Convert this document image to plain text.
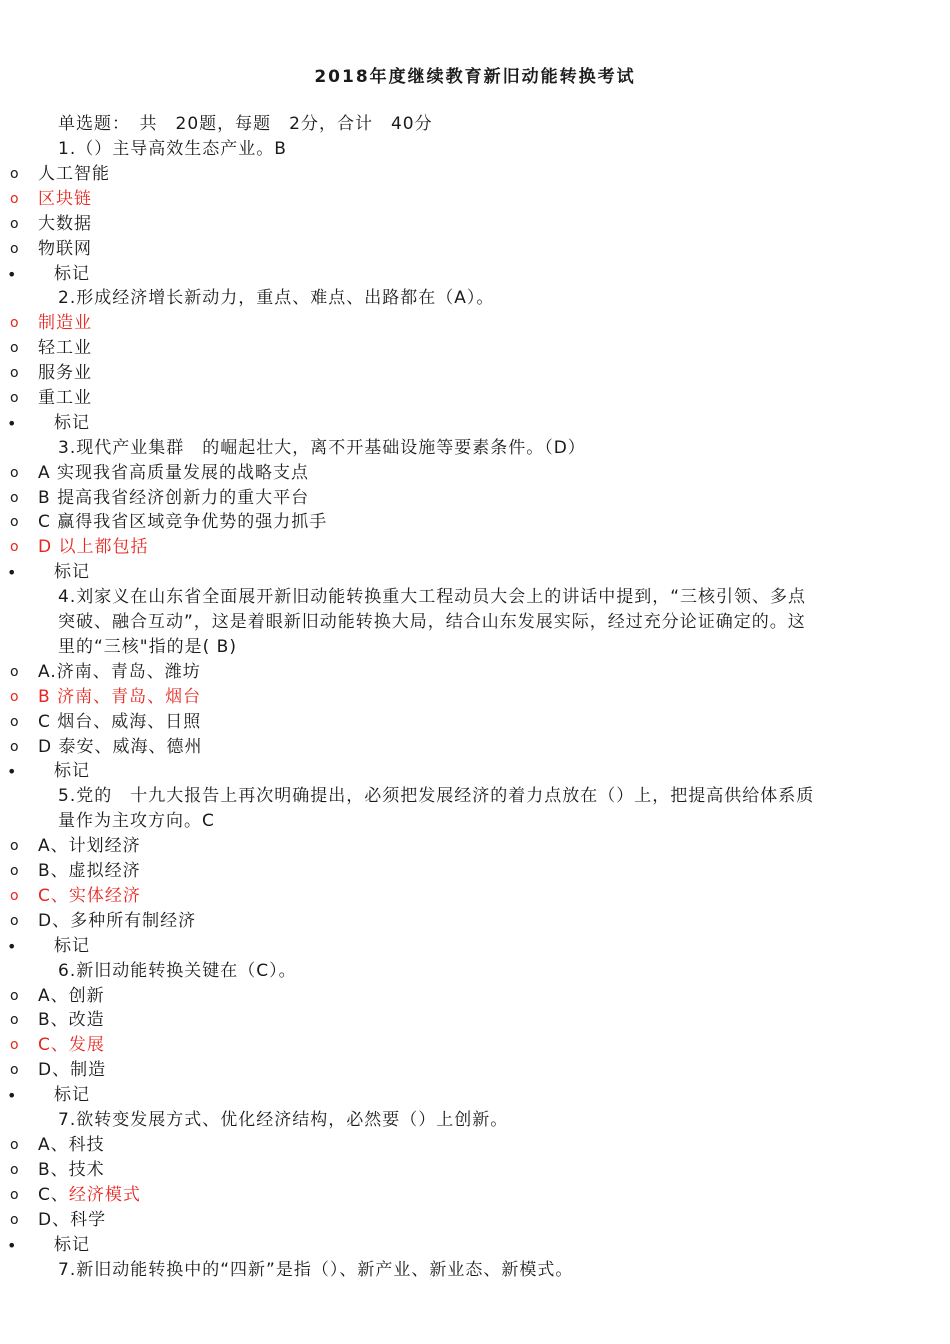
2018年度继续教育新旧动能转换考试
单选题：　共　20题，每题　2分，合计　40分
1.（）主导高效生态产业。B
o	人工智能
o	区块链
o	大数据
o	物联网
• 标记
2.形成经济增长新动力，重点、难点、出路都在（A）。
o	制造业
o	轻工业
o	服务业
o	重工业
• 标记
3.现代产业集群　的崛起壮大，离不开基础设施等要素条件。（D）
o	A 实现我省高质量发展的战略支点
o	B 提高我省经济创新力的重大平台
o	C 赢得我省区域竞争优势的强力抓手
o	D 以上都包括
• 标记
4.刘家义在山东省全面展开新旧动能转换重大工程动员大会上的讲话中提到，“三核引领、多点
突破、融合互动”，这是着眼新旧动能转换大局，结合山东发展实际，经过充分论证确定的。这
里的“三核"指的是( B)
o	A.济南、青岛、潍坊
o	B 济南、青岛、烟台
o	C 烟台、威海、日照
o	D 泰安、威海、德州
• 标记
5.党的　十九大报告上再次明确提出，必须把发展经济的着力点放在（）上，把提高供给体系质
量作为主攻方向。C
o	A、计划经济
o	B、虚拟经济
o	C、实体经济
o	D、多种所有制经济
• 标记
6.新旧动能转换关键在（C）。
o	A、创新
o	B、改造
o	C、发展
o	D、制造
• 标记
7.欲转变发展方式、优化经济结构，必然要（）上创新。
o	A、科技
o	B、技术
o	C、经济模式
o	D、科学
• 标记
7.新旧动能转换中的“四新”是指（）、新产业、新业态、新模式。
